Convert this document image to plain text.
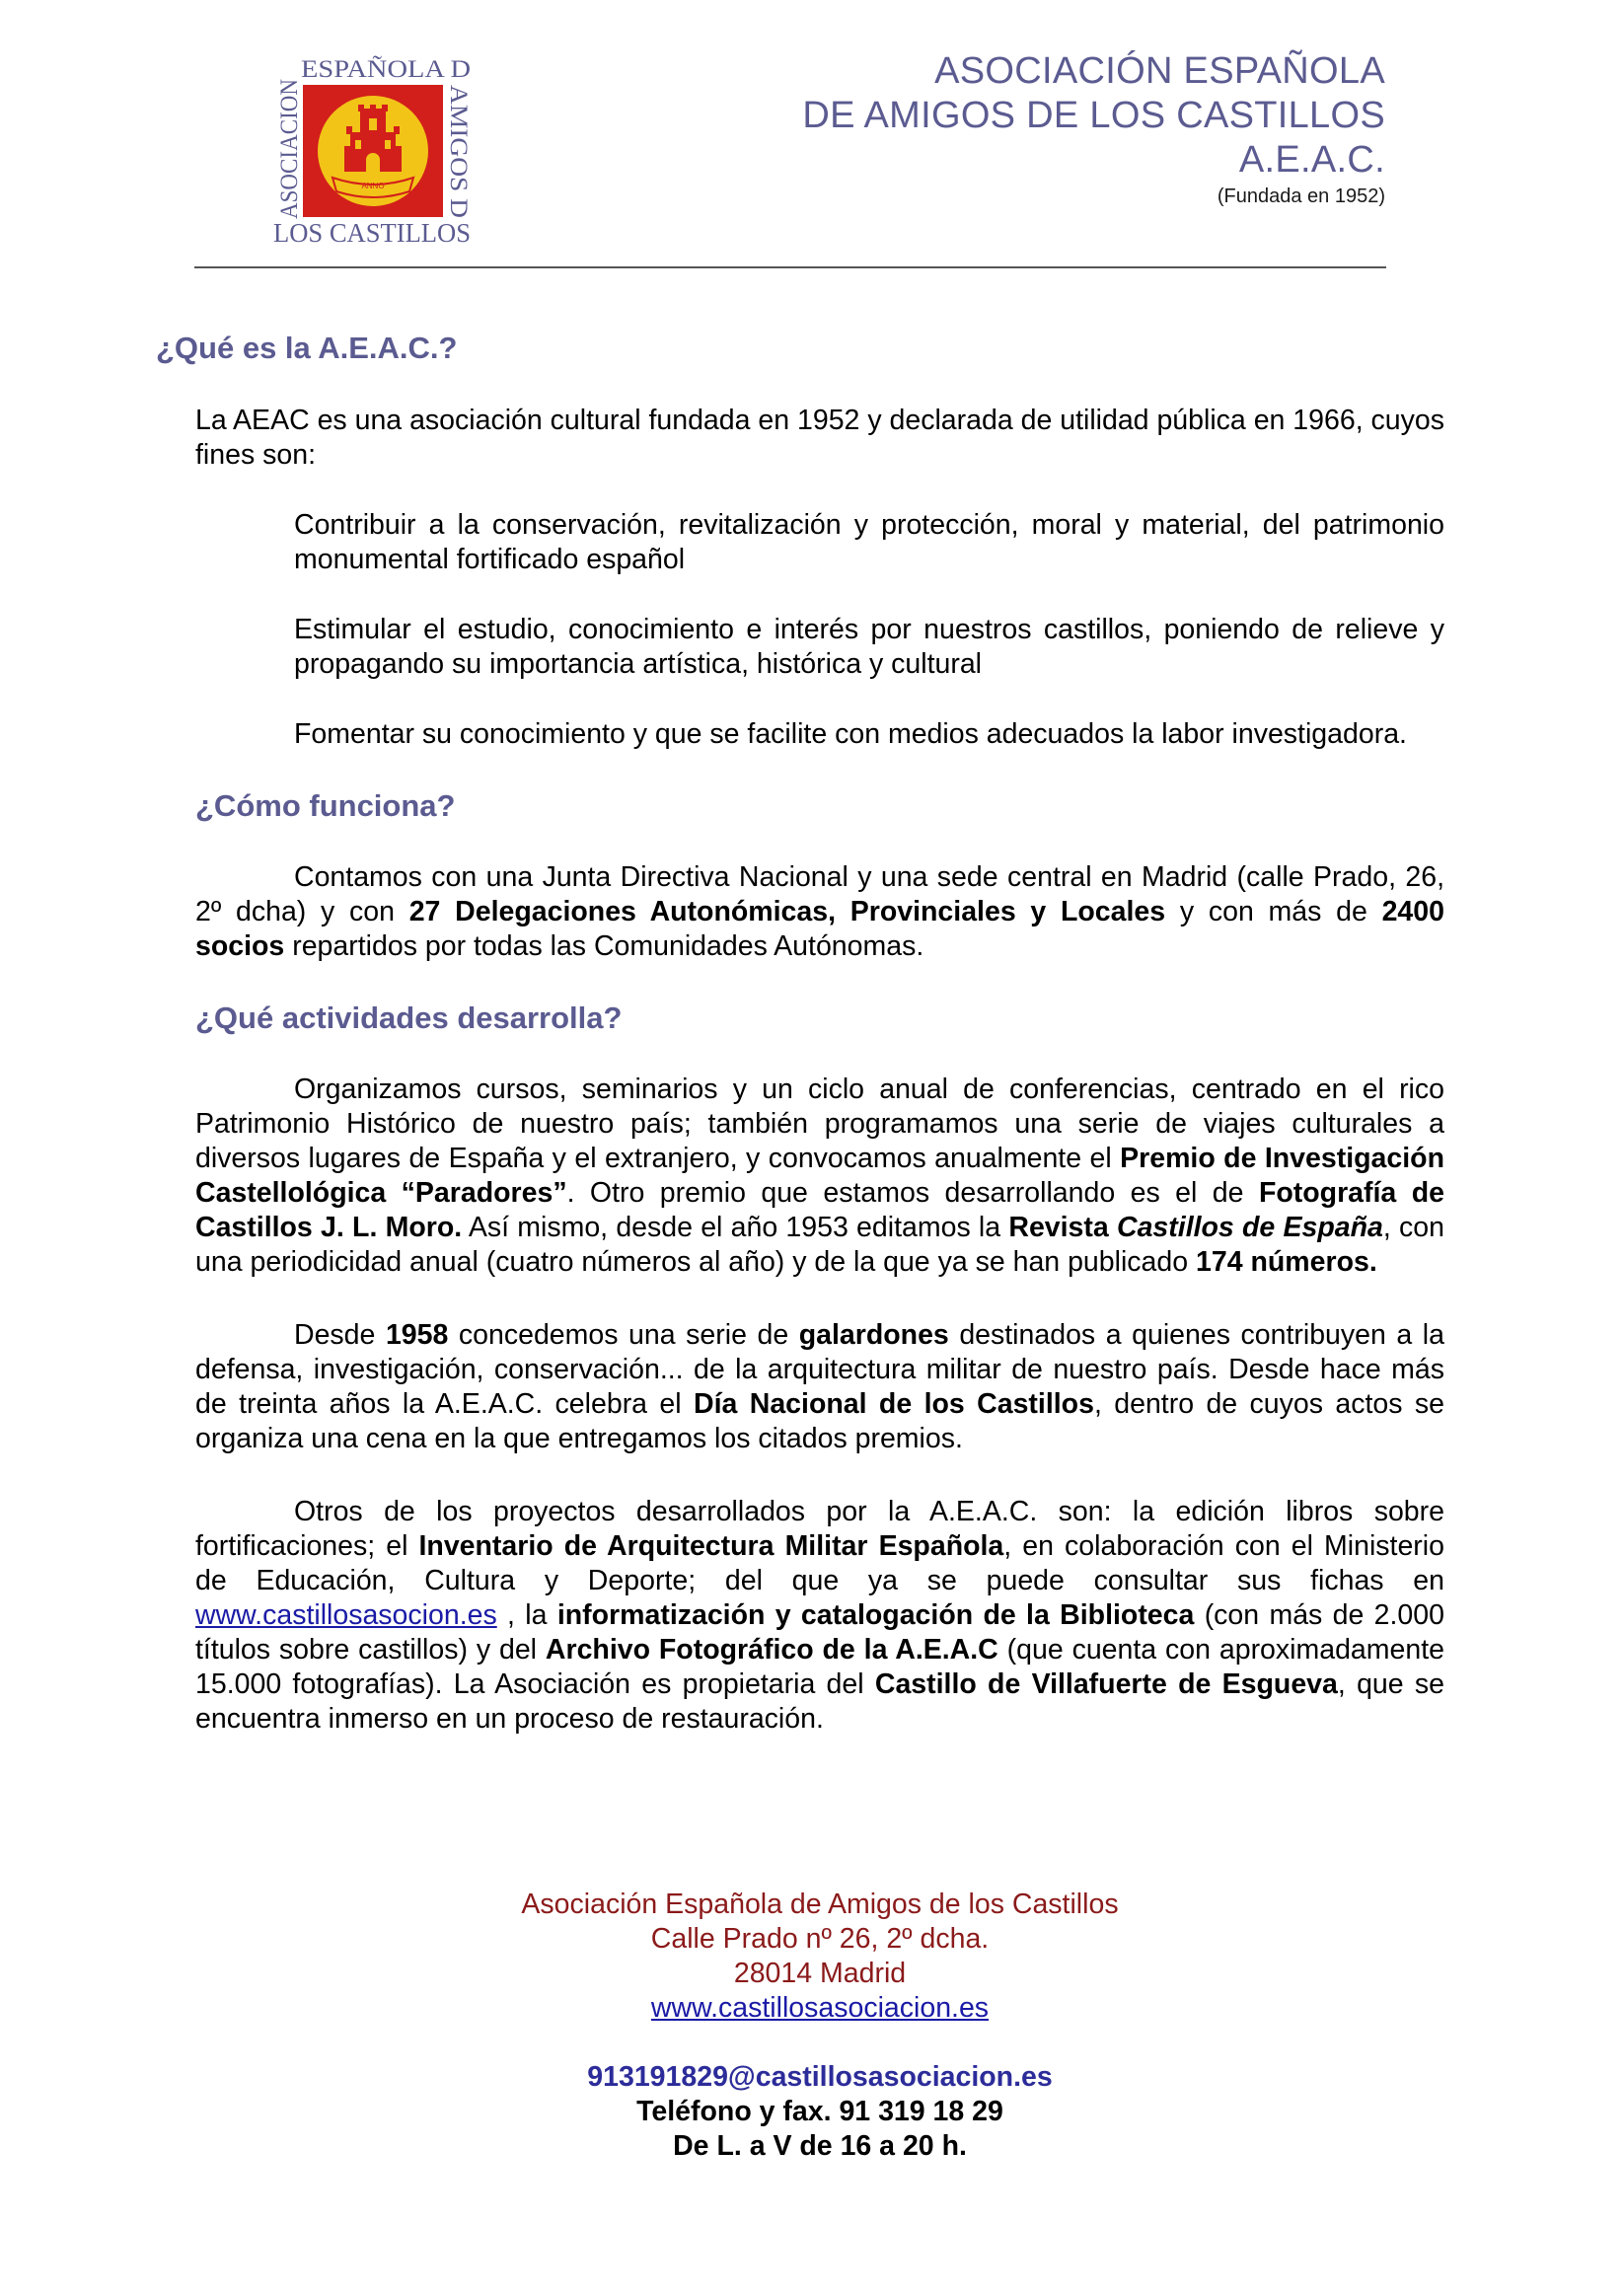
ESPAÑOLA D
ASOCIACION	AMIGOS D
LOS CASTILLOS
ANNO
ASOCIACIÓN ESPAÑOLA
DE AMIGOS DE LOS CASTILLOS
A.E.A.C.
(Fundada en 1952)
¿Qué es la A.E.A.C.?
La AEAC es una asociación cultural fundada en 1952 y declarada de utilidad pública en 1966, cuyos fines son:
Contribuir a la conservación, revitalización y protección, moral y material, del patrimonio monumental fortificado español
Estimular el estudio, conocimiento e interés por nuestros castillos, poniendo de relieve y propagando su importancia artística, histórica y cultural
Fomentar su conocimiento y que se facilite con medios adecuados la labor investigadora.
¿Cómo funciona?
Contamos con una Junta Directiva Nacional y una sede central en Madrid (calle Prado, 26, 2º dcha) y con 27 Delegaciones Autonómicas, Provinciales y Locales y con más de 2400 socios repartidos por todas las Comunidades Autónomas.
¿Qué actividades desarrolla?
Organizamos cursos, seminarios y un ciclo anual de conferencias, centrado en el rico Patrimonio Histórico de nuestro país; también programamos una serie de viajes culturales a diversos lugares de España y el extranjero, y convocamos anualmente el Premio de Investigación Castellológica “Paradores”. Otro premio que estamos desarrollando es el de Fotografía de Castillos J. L. Moro. Así mismo, desde el año 1953 editamos la Revista Castillos de España, con una periodicidad anual (cuatro números al año) y de la que ya se han publicado 174 números.
Desde 1958 concedemos una serie de galardones destinados a quienes contribuyen a la defensa, investigación, conservación... de la arquitectura militar de nuestro país. Desde hace más de treinta años la A.E.A.C. celebra el Día Nacional de los Castillos, dentro de cuyos actos se organiza una cena en la que entregamos los citados premios.
Otros de los proyectos desarrollados por la A.E.A.C. son: la edición libros sobre fortificaciones; el Inventario de Arquitectura Militar Española, en colaboración con el Ministerio de Educación, Cultura y Deporte; del que ya se puede consultar sus fichas en www.castillosasocion.es , la informatización y catalogación de la Biblioteca (con más de 2.000 títulos sobre castillos) y del Archivo Fotográfico de la A.E.A.C (que cuenta con aproximadamente 15.000 fotografías). La Asociación es propietaria del Castillo de Villafuerte de Esgueva, que se encuentra inmerso en un proceso de restauración.
Asociación Española de Amigos de los Castillos
Calle Prado nº 26, 2º dcha.
28014 Madrid
www.castillosasociacion.es
913191829@castillosasociacion.es
Teléfono y fax. 91 319 18 29
De L. a V de 16 a 20 h.
